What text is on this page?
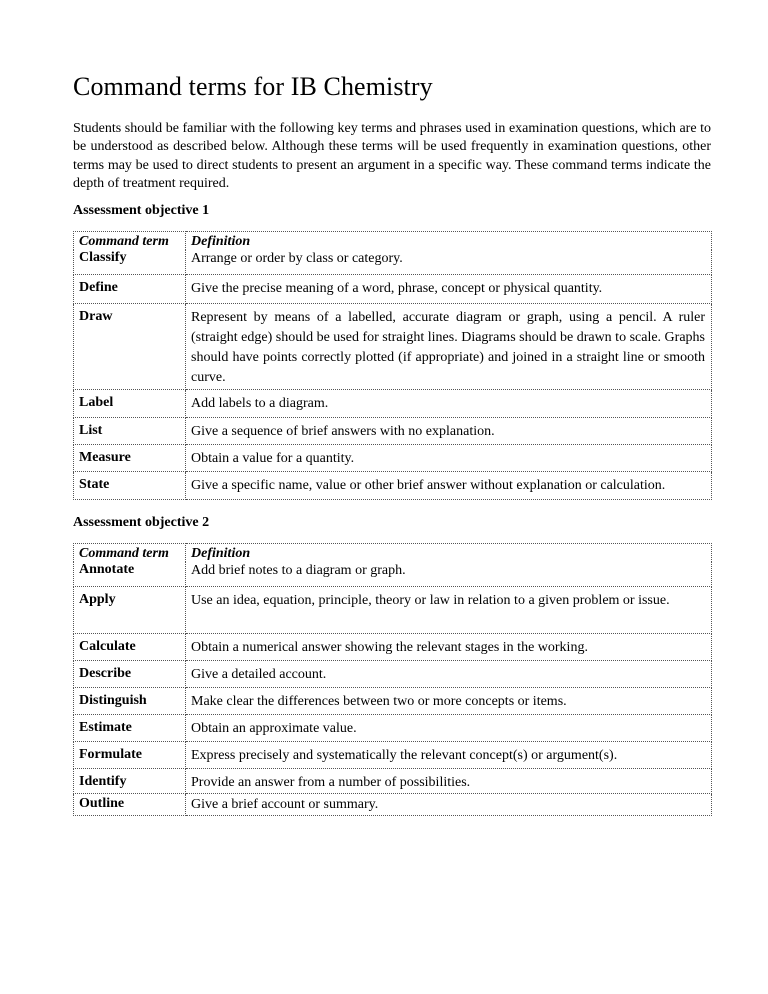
Command terms for IB Chemistry

Students should be familiar with the following key terms and phrases used in examination questions, which are to be understood as described below. Although these terms will be used frequently in examination questions, other terms may be used to direct students to present an argument in a specific way. These command terms indicate the depth of treatment required.

Assessment objective 1

Command term	Definition
Classify	Arrange or order by class or category.
Define	Give the precise meaning of a word, phrase, concept or physical quantity.
Draw	Represent by means of a labelled, accurate diagram or graph, using a pencil. A ruler (straight edge) should be used for straight lines. Diagrams should be drawn to scale. Graphs should have points correctly plotted (if appropriate) and joined in a straight line or smooth curve.
Label	Add labels to a diagram.
List	Give a sequence of brief answers with no explanation.
Measure	Obtain a value for a quantity.
State	Give a specific name, value or other brief answer without explanation or calculation.

Assessment objective 2

Command term	Definition
Annotate	Add brief notes to a diagram or graph.
Apply	Use an idea, equation, principle, theory or law in relation to a given problem or issue.
Calculate	Obtain a numerical answer showing the relevant stages in the working.
Describe	Give a detailed account.
Distinguish	Make clear the differences between two or more concepts or items.
Estimate	Obtain an approximate value.
Formulate	Express precisely and systematically the relevant concept(s) or argument(s).
Identify	Provide an answer from a number of possibilities.
Outline	Give a brief account or summary.
